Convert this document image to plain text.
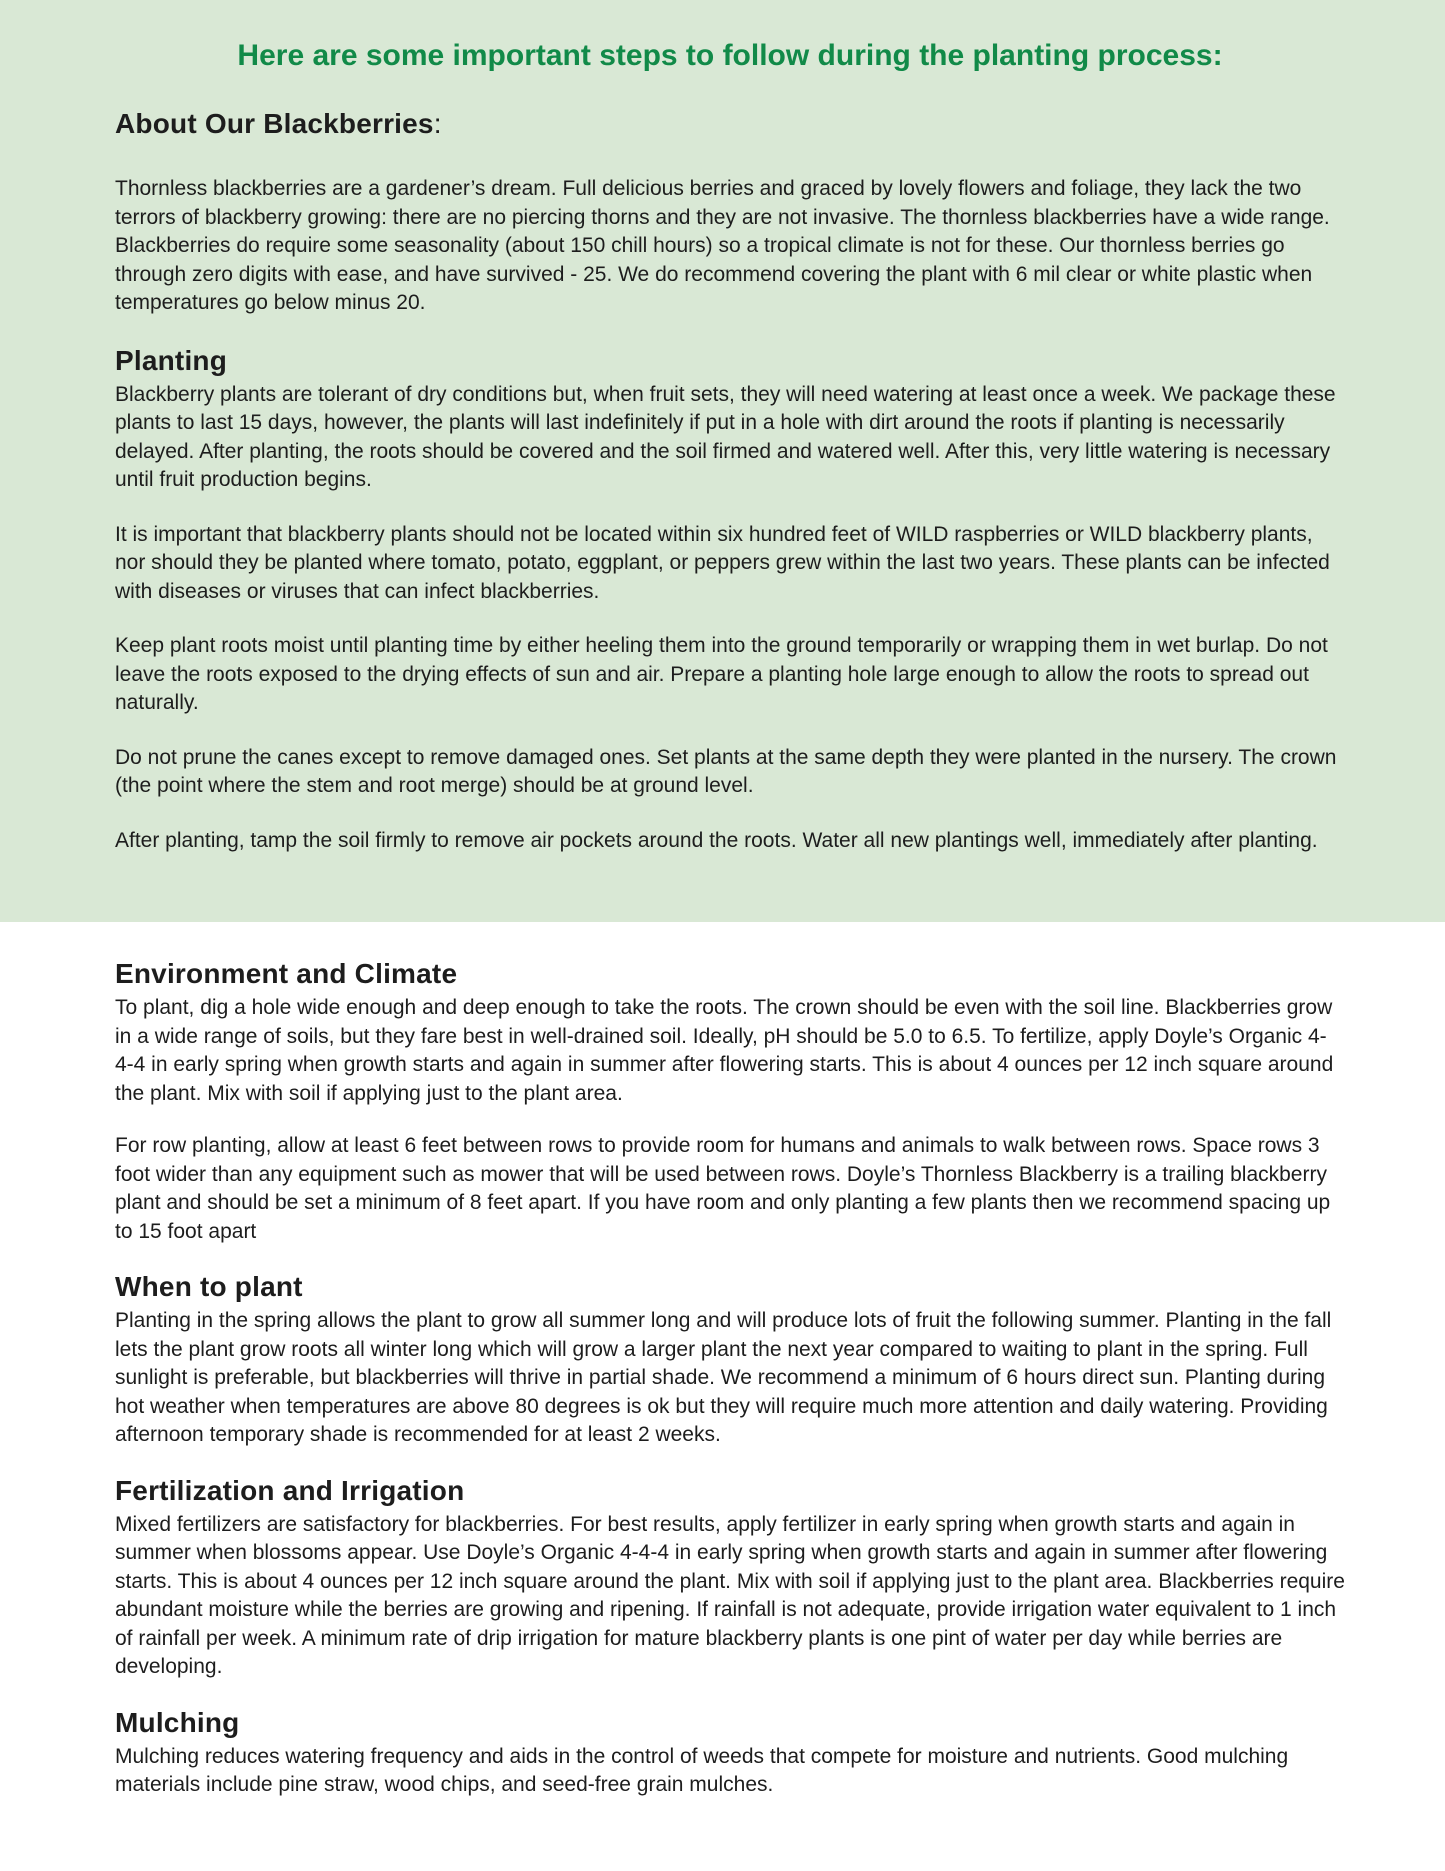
Here are some important steps to follow during the planting process:
About Our Blackberries:

Thornless blackberries are a gardener’s dream. Full delicious berries and graced by lovely flowers and foliage, they lack the two terrors of blackberry growing: there are no piercing thorns and they are not invasive. The thornless blackberries have a wide range. Blackberries do require some seasonality (about 150 chill hours) so a tropical climate is not for these. Our thornless berries go through zero digits with ease, and have survived - 25. We do recommend covering the plant with 6 mil clear or white plastic when temperatures go below minus 20.

Planting

Blackberry plants are tolerant of dry conditions but, when fruit sets, they will need watering at least once a week. We package these plants to last 15 days, however, the plants will last indefinitely if put in a hole with dirt around the roots if planting is necessarily delayed. After planting, the roots should be covered and the soil firmed and watered well. After this, very little watering is necessary until fruit production begins.

It is important that blackberry plants should not be located within six hundred feet of WILD raspberries or WILD blackberry plants, nor should they be planted where tomato, potato, eggplant, or peppers grew within the last two years. These plants can be infected with diseases or viruses that can infect blackberries.

Keep plant roots moist until planting time by either heeling them into the ground temporarily or wrapping them in wet burlap. Do not leave the roots exposed to the drying effects of sun and air. Prepare a planting hole large enough to allow the roots to spread out naturally.

Do not prune the canes except to remove damaged ones. Set plants at the same depth they were planted in the nursery. The crown (the point where the stem and root merge) should be at ground level.

After planting, tamp the soil firmly to remove air pockets around the roots. Water all new plantings well, immediately after planting.

Environment and Climate

To plant, dig a hole wide enough and deep enough to take the roots. The crown should be even with the soil line. Blackberries grow in a wide range of soils, but they fare best in well-drained soil. Ideally, pH should be 5.0 to 6.5. To fertilize, apply Doyle’s Organic 4-4-4 in early spring when growth starts and again in summer after flowering starts. This is about 4 ounces per 12 inch square around the plant. Mix with soil if applying just to the plant area.

For row planting, allow at least 6 feet between rows to provide room for humans and animals to walk between rows. Space rows 3 foot wider than any equipment such as mower that will be used between rows. Doyle’s Thornless Blackberry is a trailing blackberry plant and should be set a minimum of 8 feet apart. If you have room and only planting a few plants then we recommend spacing up to 15 foot apart

When to plant

Planting in the spring allows the plant to grow all summer long and will produce lots of fruit the following summer. Planting in the fall lets the plant grow roots all winter long which will grow a larger plant the next year compared to waiting to plant in the spring. Full sunlight is preferable, but blackberries will thrive in partial shade. We recommend a minimum of 6 hours direct sun. Planting during hot weather when temperatures are above 80 degrees is ok but they will require much more attention and daily watering. Providing afternoon temporary shade is recommended for at least 2 weeks.

Fertilization and Irrigation

Mixed fertilizers are satisfactory for blackberries. For best results, apply fertilizer in early spring when growth starts and again in summer when blossoms appear. Use Doyle’s Organic 4-4-4 in early spring when growth starts and again in summer after flowering starts. This is about 4 ounces per 12 inch square around the plant. Mix with soil if applying just to the plant area. Blackberries require abundant moisture while the berries are growing and ripening. If rainfall is not adequate, provide irrigation water equivalent to 1 inch of rainfall per week. A minimum rate of drip irrigation for mature blackberry plants is one pint of water per day while berries are developing.

Mulching

Mulching reduces watering frequency and aids in the control of weeds that compete for moisture and nutrients. Good mulching materials include pine straw, wood chips, and seed-free grain mulches.
